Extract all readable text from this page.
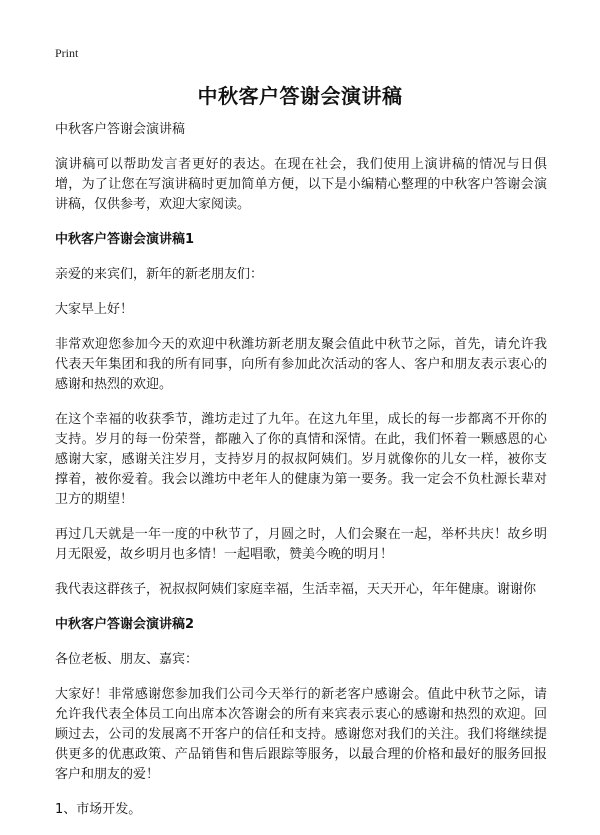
Print
中秋客户答谢会演讲稿

中秋客户答谢会演讲稿

演讲稿可以帮助发言者更好的表达。在现在社会，我们使用上演讲稿的情况与日俱增，为了让您在写演讲稿时更加简单方便，以下是小编精心整理的中秋客户答谢会演讲稿，仅供参考，欢迎大家阅读。

中秋客户答谢会演讲稿1

亲爱的来宾们，新年的新老朋友们：

大家早上好！

非常欢迎您参加今天的欢迎中秋潍坊新老朋友聚会值此中秋节之际，首先，请允许我代表天年集团和我的所有同事，向所有参加此次活动的客人、客户和朋友表示衷心的感谢和热烈的欢迎。

在这个幸福的收获季节，潍坊走过了九年。在这九年里，成长的每一步都离不开你的支持。岁月的每一份荣誉，都融入了你的真情和深情。在此，我们怀着一颗感恩的心感谢大家，感谢关注岁月，支持岁月的叔叔阿姨们。岁月就像你的儿女一样，被你支撑着，被你爱着。我会以潍坊中老年人的健康为第一要务。我一定会不负杜源长辈对卫方的期望！

再过几天就是一年一度的中秋节了，月圆之时，人们会聚在一起，举杯共庆！故乡明月无限爱，故乡明月也多情！一起唱歌，赞美今晚的明月！

我代表这群孩子，祝叔叔阿姨们家庭幸福，生活幸福，天天开心，年年健康。谢谢你

中秋客户答谢会演讲稿2

各位老板、朋友、嘉宾：

大家好！非常感谢您参加我们公司今天举行的新老客户感谢会。值此中秋节之际，请允许我代表全体员工向出席本次答谢会的所有来宾表示衷心的感谢和热烈的欢迎。回顾过去，公司的发展离不开客户的信任和支持。感谢您对我们的关注。我们将继续提供更多的优惠政策、产品销售和售后跟踪等服务，以最合理的价格和最好的服务回报客户和朋友的爱！

1、市场开发。
